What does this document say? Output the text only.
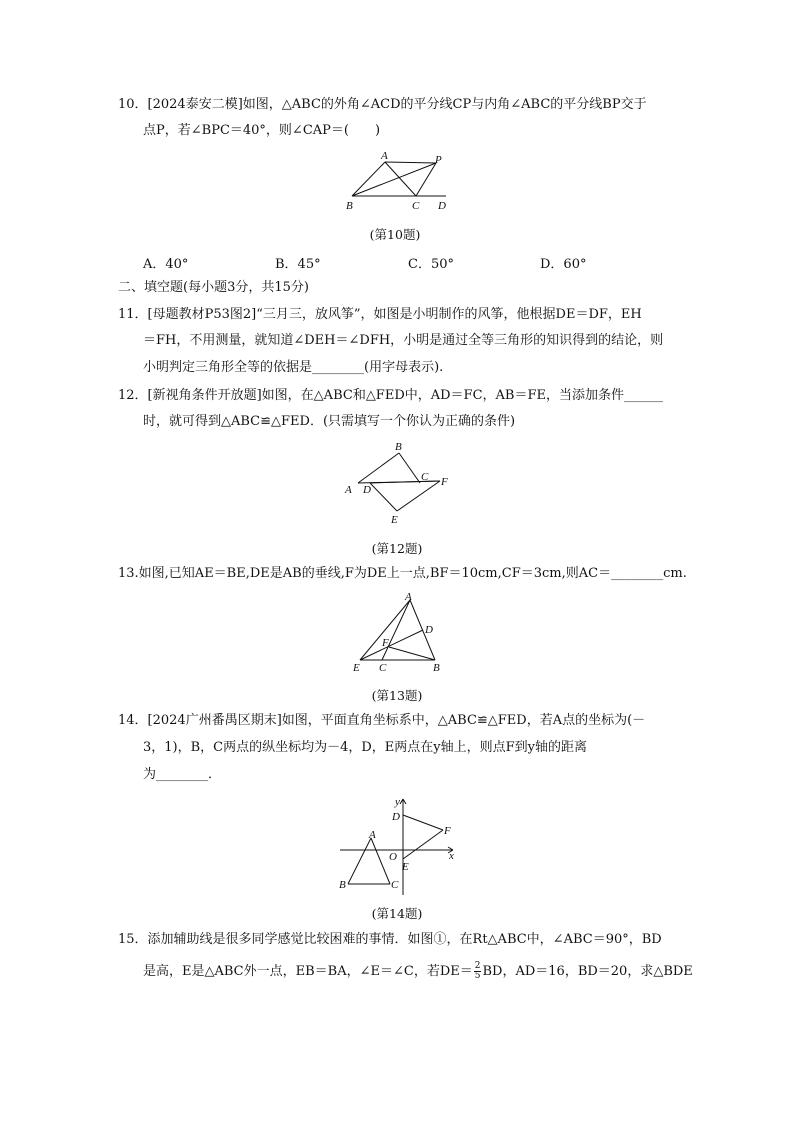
10．[2024泰安二模]如图，△ABC的外角∠ACD的平分线CP与内角∠ABC的平分线BP交于
点P，若∠BPC＝40°，则∠CAP＝(　　)
A	P
B	C D
(第10题)
A．40°	B．45°	C．50°	D．60°
二、填空题(每小题3分，共15分)
11．[母题教材P53图2]“三月三，放风筝”，如图是小明制作的风筝，他根据DE＝DF，EH
＝FH，不用测量，就知道∠DEH＝∠DFH，小明是通过全等三角形的知识得到的结论，则
小明判定三角形全等的依据是________(用字母表示).
12．[新视角条件开放题]如图，在△ABC和△FED中，AD＝FC，AB＝FE，当添加条件______
时，就可得到△ABC≌△FED．(只需填写一个你认为正确的条件)
B
A D
C F
E
(第12题)
13.如图,已知AE＝BE,DE是AB的垂线,F为DE上一点,BF＝10cm,CF＝3cm,则AC＝________cm.
A
D
F
E C	B
(第13题)
14．[2024广州番禺区期末]如图，平面直角坐标系中，△ABC≌△FED，若A点的坐标为(－
3，1)，B，C两点的纵坐标均为－4，D，E两点在y轴上，则点F到y轴的距离
为________．
y
x
D
F
A
O
E
B	C
(第14题)
15．添加辅助线是很多同学感觉比较困难的事情．如图①，在Rt△ABC中，∠ABC＝90°，BD
是高，E是△ABC外一点，EB＝BA，∠E＝∠C，若$DE= \frac{2}{5}$ BD，AD＝16，BD＝20，求△BDE
